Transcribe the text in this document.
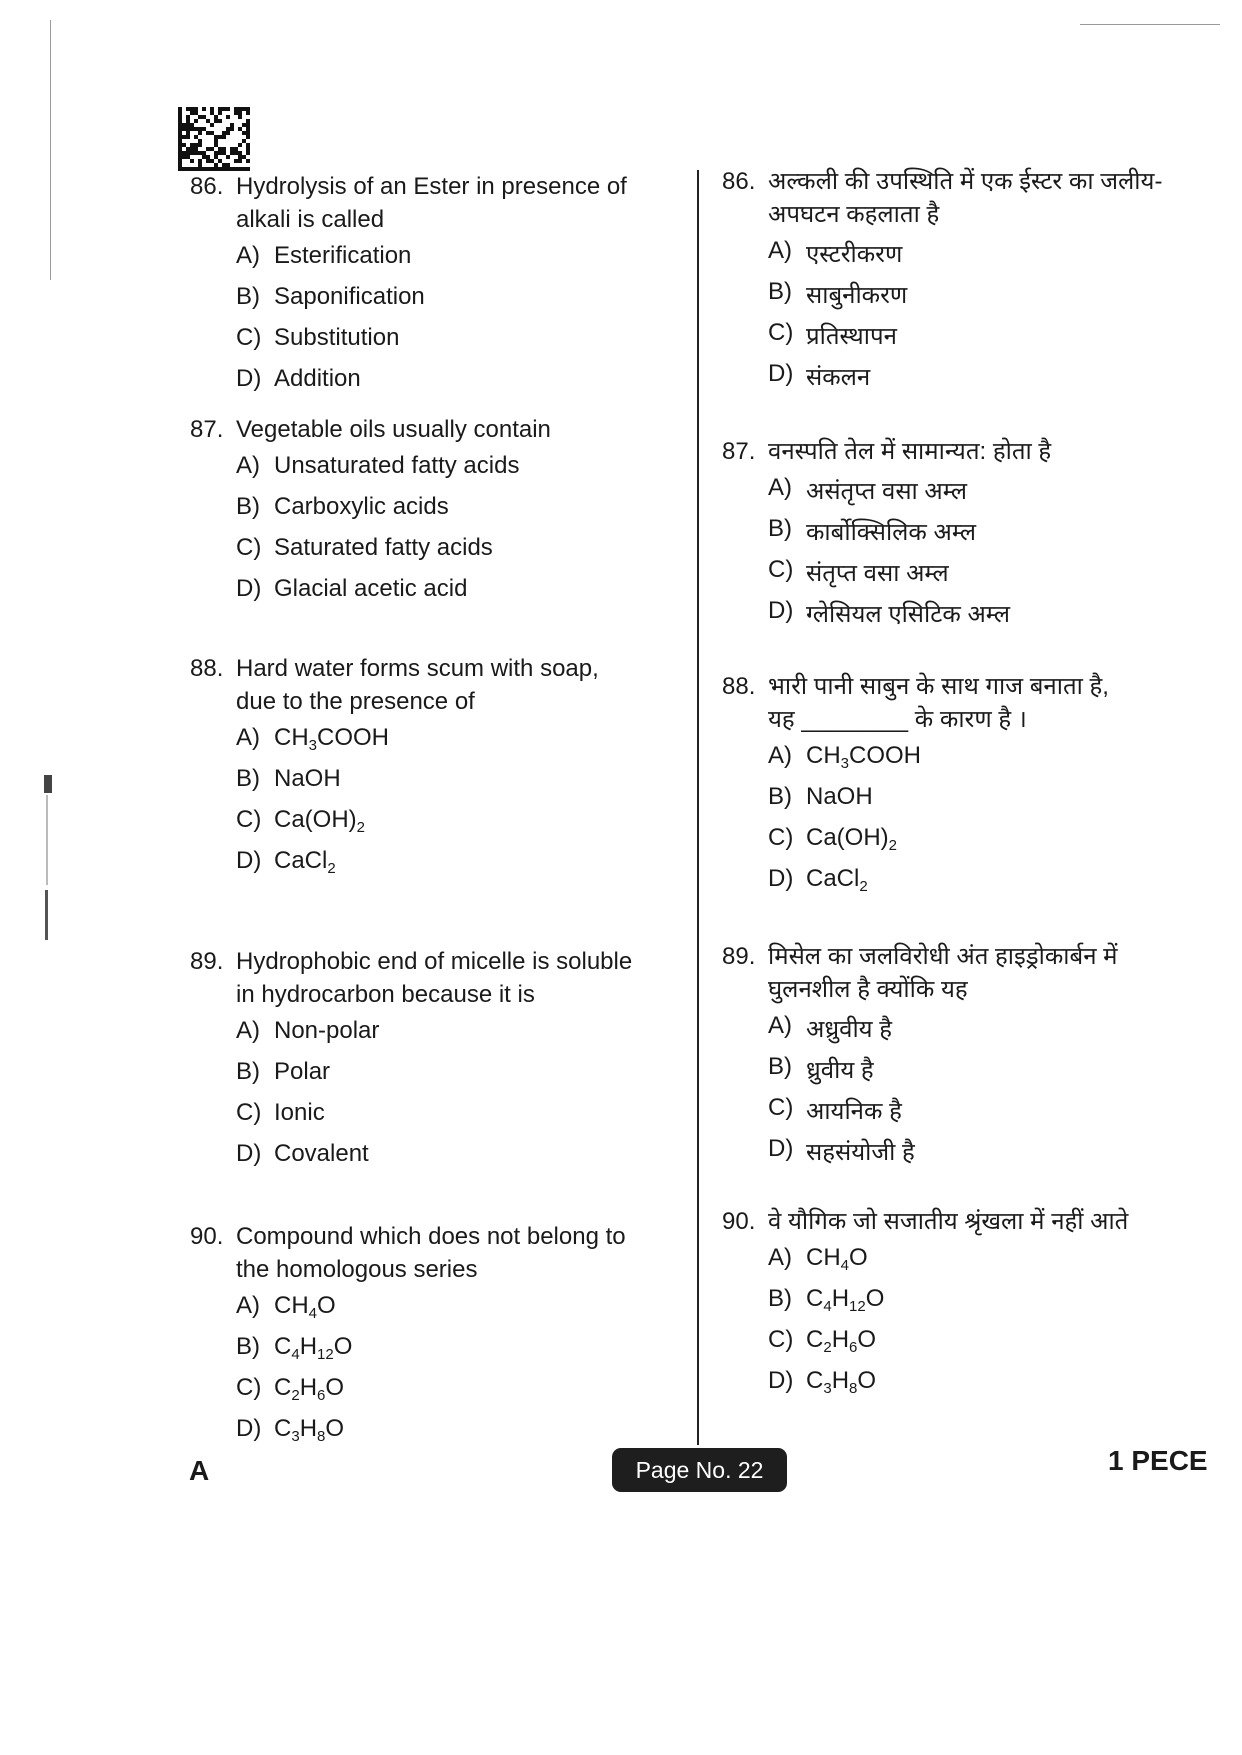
86. Hydrolysis of an Ester in presence of
alkali is called
A) Esterification
B) Saponification
C) Substitution
D) Addition
87. Vegetable oils usually contain
A) Unsaturated fatty acids
B) Carboxylic acids
C) Saturated fatty acids
D) Glacial acetic acid
88. Hard water forms scum with soap,
due to the presence of
A) $CH_3COOH$
B) NaOH
C) $Ca(OH)_2$
D) CaCl$_2$
89. Hydrophobic end of micelle is soluble
in hydrocarbon because it is
A) Non-polar
B) Polar
C) Ionic
D) Covalent
90. Compound which does not belong to
the homologous series
A) $CH_4O$
B) $C_4H_{12}O$
C) $C_2H_6O$
D) $C_3H_8O$
86. अल्कली की उपस्थिति में एक ईस्टर का जलीय-
अपघटन कहलाता है
A) एस्टरीकरण
B) साबुनीकरण
C) प्रतिस्थापन
D) संकलन
87. वनस्पति तेल में सामान्यत: होता है
A) असंतृप्त वसा अम्ल
B) कार्बोक्सिलिक अम्ल
C) संतृप्त वसा अम्ल
D) ग्लेसियल एसिटिक अम्ल
88. भारी पानी साबुन के साथ गाज बनाता है,
यह ________ के कारण है ।
A) $CH_3COOH$
B) NaOH
C) $Ca(OH)_2$
D) CaCl$_2$
89. मिसेल का जलविरोधी अंत हाइड्रोकार्बन में
घुलनशील है क्योंकि यह
A) अध्रुवीय है
B) ध्रुवीय है
C) आयनिक है
D) सहसंयोजी है
90. वे यौगिक जो सजातीय श्रृंखला में नहीं आते
A) $CH_4O$
B) $C_4H_{12}O$
C) $C_2H_6O$
D) $C_3H_8O$
A	Page No. 22	1 PECE
